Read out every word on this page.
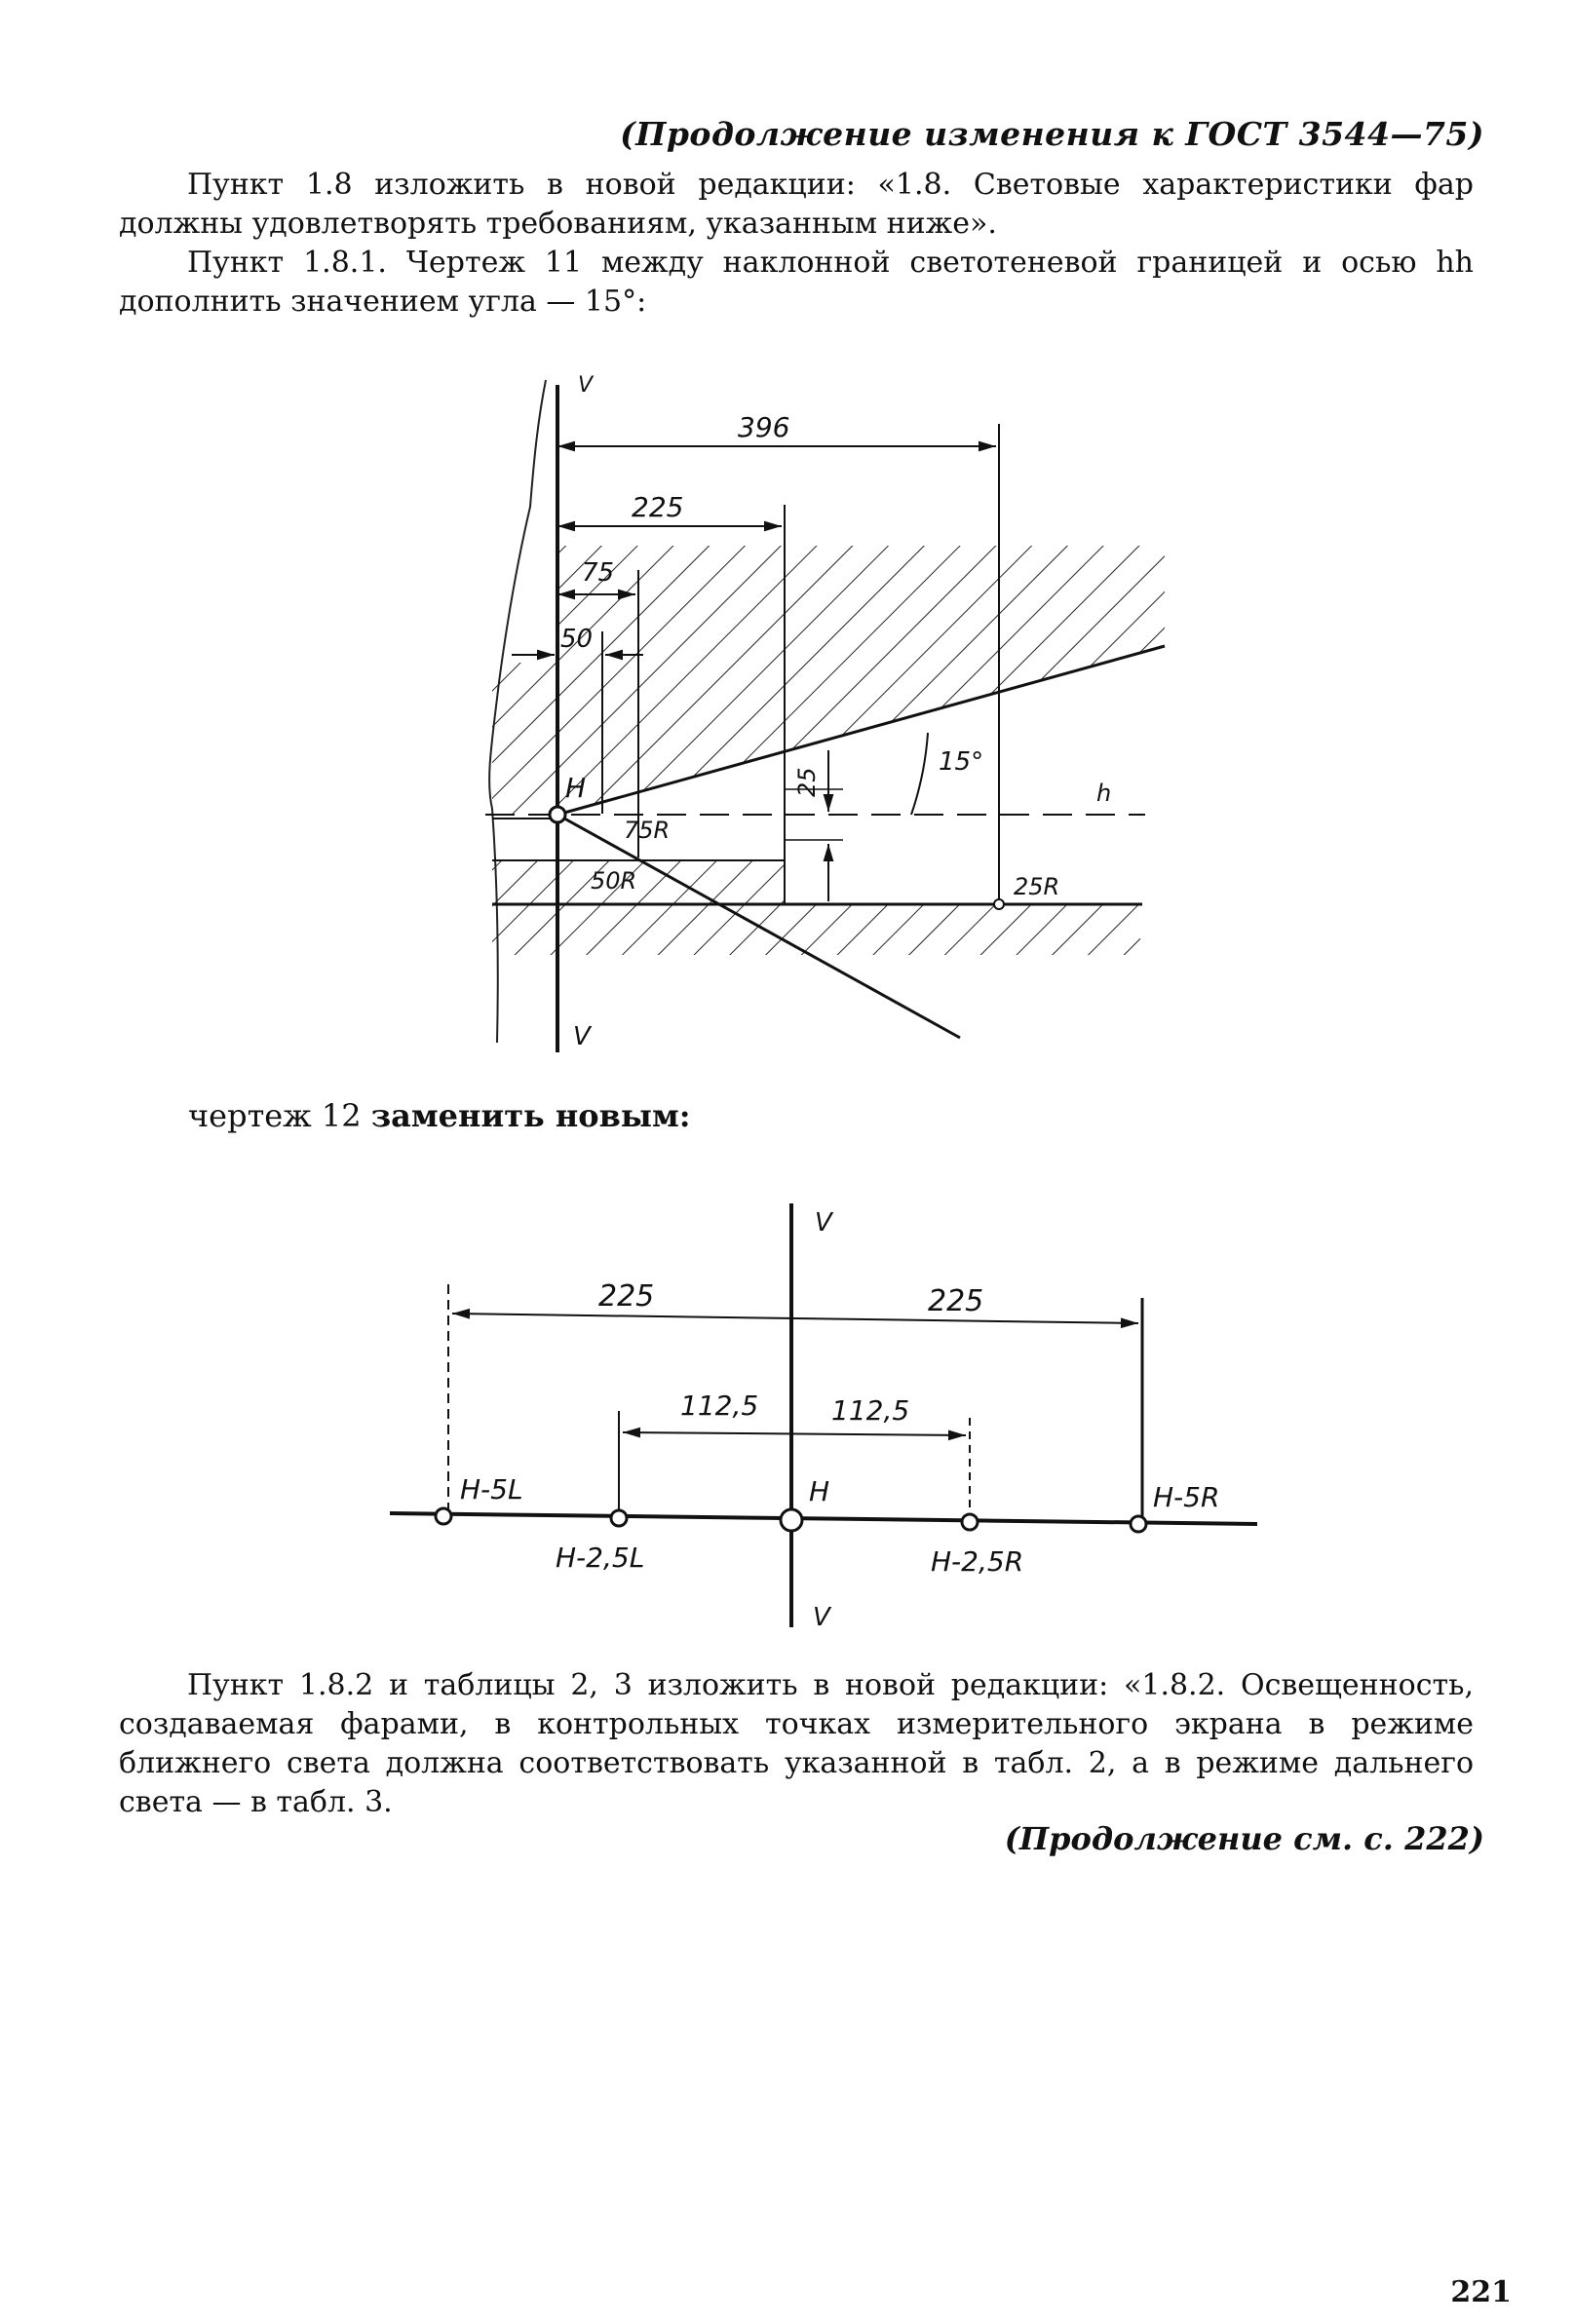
(Продолжение изменения к ГОСТ 3544—75)
Пункт 1.8 изложить в новой редакции: «1.8. Световые характеристики фар должны удовлетворять требованиям, указанным ниже».
Пункт 1.8.1. Чертеж 11 между наклонной светотеневой границей и осью hh дополнить значением угла — 15°:
V
V
h
396
225
75
50
25
15°
H
75R
50R	25R
чертеж 12 заменить новым:
V
V
225	225
112,5	112,5
H-5L
H-2,5L
H
H-2,5R
H-5R
Пункт 1.8.2 и таблицы 2, 3 изложить в новой редакции: «1.8.2. Освещенность, создаваемая фарами, в контрольных точках измерительного экрана в режиме ближнего света должна соответствовать указанной в табл. 2, а в режиме дальнего света — в табл. 3.
(Продолжение см. с. 222)
221
